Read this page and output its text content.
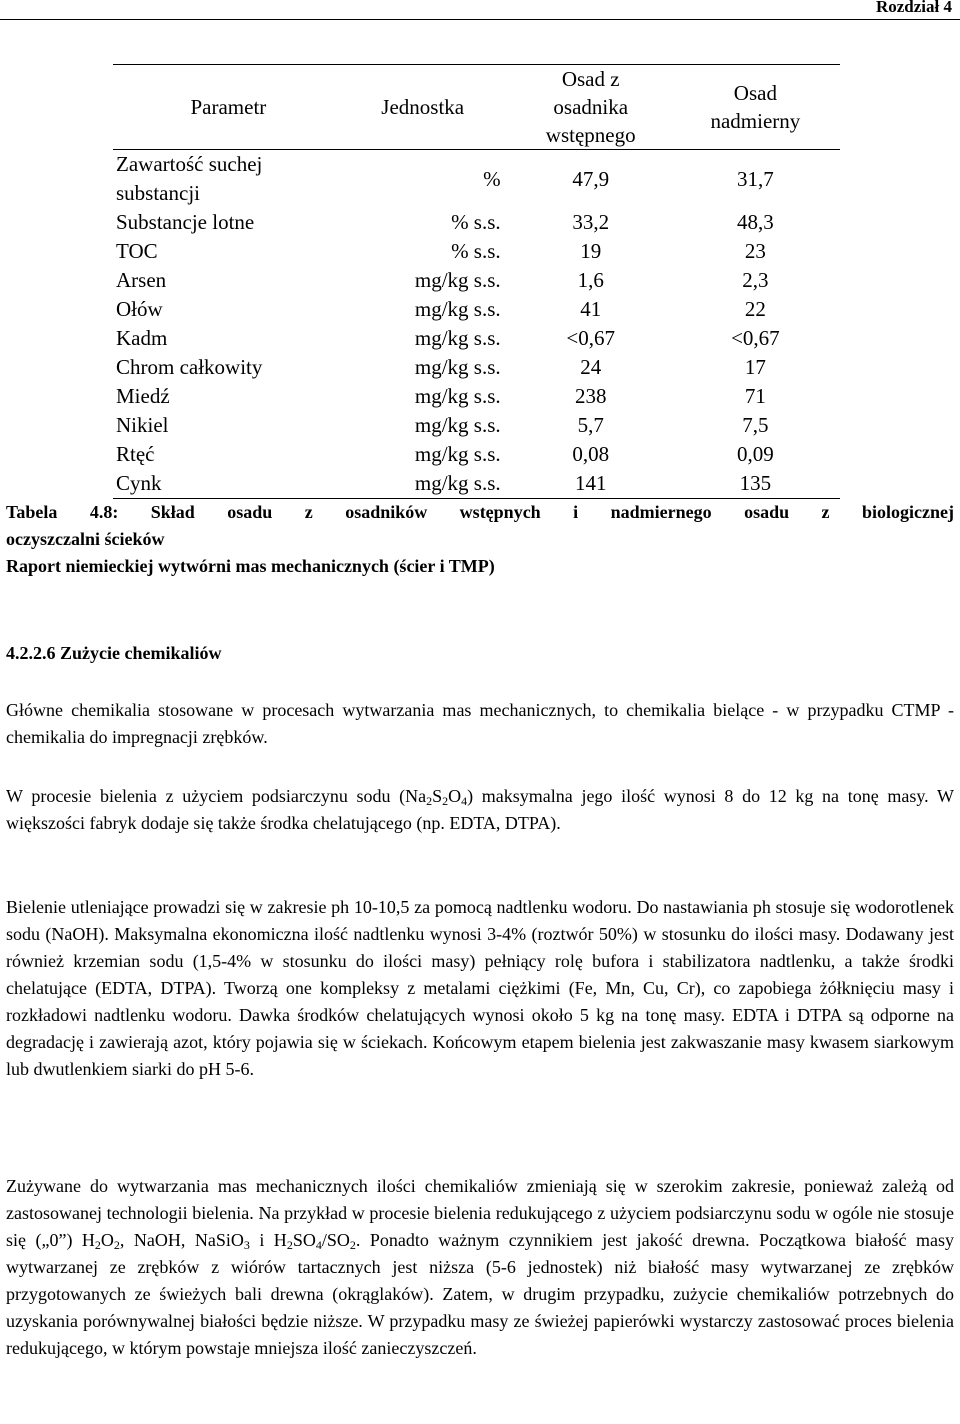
Rozdział 4
Parametr	Jednostka	Osad z osadnika wstępnego	Osad nadmierny

Zawartość suchej substancji	%	47,9	31,7
Substancje lotne	% s.s.	33,2	48,3
TOC	% s.s.	19	23
Arsen	mg/kg s.s.	1,6	2,3
Ołów	mg/kg s.s.	41	22
Kadm	mg/kg s.s.	<0,67	<0,67
Chrom całkowity	mg/kg s.s.	24	17
Miedź	mg/kg s.s.	238	71
Nikiel	mg/kg s.s.	5,7	7,5
Rtęć	mg/kg s.s.	0,08	0,09
Cynk	mg/kg s.s.	141	135
Tabela 4.8: Skład osadu z osadników wstępnych i nadmiernego osadu z biologicznej
oczyszczalni ścieków
Raport niemieckiej wytwórni mas mechanicznych (ścier i TMP)
4.2.2.6 Zużycie chemikaliów
Główne chemikalia stosowane w procesach wytwarzania mas mechanicznych, to chemikalia bielące - w przypadku CTMP - chemikalia do impregnacji zrębków.
W procesie bielenia z użyciem podsiarczynu sodu $(Na_2S_2O_4)$ maksymalna jego ilość wynosi 8 do 12 kg na tonę masy. W większości fabryk dodaje się także środka chelatującego (np. EDTA, DTPA).
Bielenie utleniające prowadzi się w zakresie ph 10-10,5 za pomocą nadtlenku wodoru. Do nastawiania ph stosuje się wodorotlenek sodu (NaOH). Maksymalna ekonomiczna ilość nadtlenku wynosi 3-4% (roztwór 50%) w stosunku do ilości masy. Dodawany jest również krzemian sodu (1,5-4% w stosunku do ilości masy) pełniący rolę bufora i stabilizatora nadtlenku, a także środki chelatujące (EDTA, DTPA). Tworzą one kompleksy z metalami ciężkimi (Fe, Mn, Cu, Cr), co zapobiega żółknięciu masy i rozkładowi nadtlenku wodoru. Dawka środków chelatujących wynosi około 5 kg na tonę masy. EDTA i DTPA są odporne na degradację i zawierają azot, który pojawia się w ściekach. Końcowym etapem bielenia jest zakwaszanie masy kwasem siarkowym lub dwutlenkiem siarki do pH 5-6.
Zużywane do wytwarzania mas mechanicznych ilości chemikaliów zmieniają się w szerokim zakresie, ponieważ zależą od zastosowanej technologii bielenia. Na przykład w procesie bielenia redukującego z użyciem podsiarczynu sodu w ogóle nie stosuje się („0”) $H_2O_2$, NaOH, NaSiO$_3$ i $H_2SO_4/SO_2$. Ponadto ważnym czynnikiem jest jakość drewna. Początkowa białość masy wytwarzanej ze zrębków z wiórów tartacznych jest niższa (5-6 jednostek) niż białość masy wytwarzanej ze zrębków przygotowanych ze świeżych bali drewna (okrąglaków). Zatem, w drugim przypadku, zużycie chemikaliów potrzebnych do uzyskania porównywalnej białości będzie niższe. W przypadku masy ze świeżej papierówki wystarczy zastosować proces bielenia redukującego, w którym powstaje mniejsza ilość zanieczyszczeń.
